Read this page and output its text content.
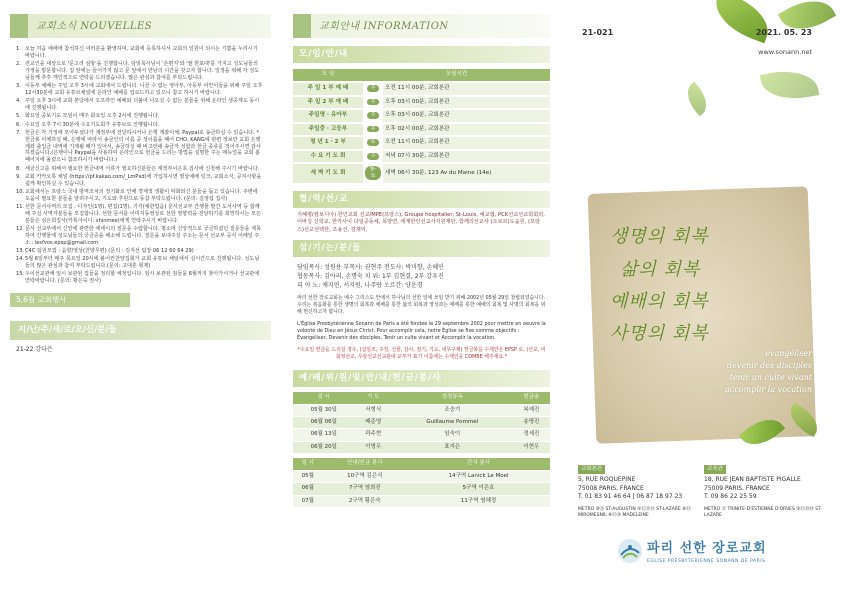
교회소식 NOUVELLES
1. 오늘 처음 예배에 참석하신 여러분을 환영하며, 교회에 등록하셔서 교회의 일원이 되시는 기쁨을 누리시기 바랍니다.
2. 전교인을 대상으로 '문고리 심방'을 진행합니다. 담임목사님이 '손편지'와 '쌀 한포대'를 가지고 성도님들의 가정을 방문합니다. 집 앞에는 들어가지 않고 문 앞에서 만남의 시간을 갖고자 합니다. 일정을 위해 각 성도님들께 추후 개인적으로 연락을 드리겠습니다. 많은 관심과 참여를 부탁드립니다.
3. 이동부 예배는 주일 오후 3시에 교회에서 드립니다. 니골 수 없는 영아부, 아동부 어린이들을 위해 주일 오후 12시30분에 교회 유튜브채널에 온라인 예배를 업로드하고 있으니 참고 하시기 바랍니다.
4. 주일 오후 3시에 교회 본당에서 오프라인 예배와 더불어 나오실 수 없는 분들을 위해 온라인 생중계도 동시에 진행됩니다.
5. 화요일 중보기도 모임이 매주 화요일 오후 2시에 진행됩니다.
6. 수요일 오후 7시 30분에 수요기도회가 유튜브로 진행됩니다.
7. 헌금은 각 가정에 모아두셨다가 재정부에 전달하시거나 은행 계좌이체, Paypal로 송금하실 수 있습니다. *헌금봉 이체하실 때, 은행에 따라서 송금인의 이름 중 성이름을 때어 CHO, KANG에 관련 정보만 교회 은행계좌 출입금 내역에 기재될 때가 있어서, 송금하실 때 비고란에 송금자 성함과 헌금 종류를 적어주시면 감사하겠습니다.(은행이나 Paypal을 사용하여 온라인으로 헌금을 드리는 방법을 설명한 주는 매뉴얼을 교회 홈페이지에 올렸으니 참조하시기 바랍니다.)
8. 세금신고를 위해서 필요한 헌금내역 서류가 필요하신분들은 재정부이은호 집사에 신청해 주시기 바랍니다.
9. 교회 카카오톡 채널 (https://pf.kakao.com/_LmPxd)에 가입하시면 영상예배 링크, 교회소식, 공지사항을 쉽게 확인하실 수 있습니다.
10. 교회에서는 프랑스 국내 방역조치의 정기화로 인해 경제적 생활이 악화되신 분들을 돕고 있습니다. 주변에 도움이 필요한 분들을 알려주시고, 기도와 후원으로 동참 부탁드립니다. (문의: 김영섭 집사)
11. 선한 문서사역의 모집 : 디자인(1명), 편집(1명), 기자(예한업음) 문서선교부 간행물 발간 도서사역 등 함께해 주실 사역자분들을 모집합니다. 선한 문서를 이미지동영상로 선한 영향력을 전달하기를 희망하시는 모든 분들은 심은희집사(카톡아이디: shinmee)에게 연락주시기 바랍니다.
12. 문서 선교부에서 신앙에 관련한 에세이의 질문을 수렴합니다. 평소에 신앙적으로 궁금하셨던 질문들을 제목하여 간행물에 성도님들의 궁금증을 해소해 드립니다. 질문을 보내주실 주소는 문서 선교부 공식 이메일 주소 : lesfvos.epsp@gmail.com
13. C4C 팀원모집 : 음향/영상(찬양무편) (문의 : 김지선 팀장 06 12 60 64 29)
14. 5월 6일부터 매주 목요일 20시에 볼어컨찬양집회가 교회 유튜브 채널에서 실시간으로 진행됩니다. 성도님들의 많은 관심과 참여 부탁드립니다.(문의: 고대훈 형제)
15. 우이선교관에 임시 보관된 집들을 정리할 예정입니다. 임시 보관된 짐들을 6월까지 찾아가시거나 선교관에 연락바랍니다. (문의: 황은숙 권사)
5,6월 교회행사
지/난/주/새/로/오/신/분/들
21-22 강다은
교회안내 INFORMATION
모/임/안/내
모 임	모임시간	
주 일 1 부 예 배	주	오전 11시 00분, 교회본관
주 일 2 부 예 배	주	오후 03시 00분, 교회본관
주일영 · 유아부	주	오후 03시 00분, 교회본관
주일중 · 고등부	주	오후 02시 00분, 교회본관
청 년 1 · 2 부	토	오전 11시 00분, 교회본관
수 요 기 도 회	수	저녁 07시 30분, 교회본관
새 벽 기 도 회	월-토	새벽 06시 30분, 123 Av du Maine (14e)
협/력/선/교
지혜평(캄보디아) 한인교회 선교/MPE(프랑스), Groupe hospitalier, St-Louis, 예교협, PCK선교선교희회외, 이바칭 신학교, 한카사이 다일공동체, 목양연, 세계한인선교사지원재단, 함께의선교사 (오로르)도움원, (프랑스)선교선택한, 조용선, 김재익,
섬/기/는/분/들
담임목사: 성원용 부목사: 권현주 전도사: 박미향, 손혜인
협동목사: 김아리, 손명숙 치 위: 1부 김현결, 2부 강우진
피 아 노: 채지연, 서지원, 나주랑 오르간: 양운경
파리 선한 장로교회는 예수 그리스도 안에서 하나님의 선한 일에 쓰임 받기 위해 2002년 05월 29일 창립되었습니다. 우리는 복음화를 통한 생명의 회복과 예배를 통한 삶의 회복과 영성과는 예배를 통한 예배의 회복 및 사명의 회복을 위해 헌신하고자 합니다.
L'Église Presbytérienne Sonann de Paris a été fondée le 29 septembre 2002 pour mettre en oeuvre la volonté de Dieu en Jésus Christ. Pour accomplir cela, notre Église se fixe comme objectifs : Évangéliser, Devenir des disciples, Tenir un culte vivant et Accomplir la vocation.
*수요일 헌금을 드리실 경우, (십일조, 주정, 선물, 감사, 절기, 기도, 네무구제) 헌금봉을 수제안은 EPSP 로, (선교, 미회정선교, 우랑선교선교관대 교부가 표기 이름에는 수제인을 COMBE 해주세요.*
예/배/위/원/및/안/내/헌/금/봉/사
일 시	기 도	성경봉독	헌금송
05월 30일	서형식	조숭기	복예진
06월 06일	배준영	Guillaume Pommel	송명진
06월 13일	곽주현	임숙이	정세진
06월 20일	이명우	표지은	이현우
일 시	안내/헌금 봉사	간식 봉사
05월	10구역 김은식	14구역 Lanick Le Moel
06월	7구역 염희진	5구역 이은호
07월	2구역 황은숙	11구역 염혜정
21-021	2021. 05. 23
www.sonann.net
생명의 회복
삶의 회복
예배의 회복
사명의 회복
évangéliser
devenir des disciples
tenir un culte vivant
accomplir la vocation
교회본관
5, RUE ROQUEPINE
75008 PARIS, FRANCE
T. 01 83 91 46 64 | 06 87 18 97 23
METRO ⑨⑬ ST-AUGUSTIN ③⑫⑬⑭ ST-LAZARE ⑨⑬ MIROMESNIL ⑧⑫⑭ MADELEINE
교육관
18, RUE JEAN BAPTISTE PIGALLE
75009 PARIS, FRANCE
T. 09 86 22 25 59
METRO ⑫ TRINITE-D'ESTIENNE D'ORVES ③⑫⑬⑭ ST-LAZARE
파리 선한 장로교회
EGLISE PRESBYTERIENNE SONANN DE PARIS
